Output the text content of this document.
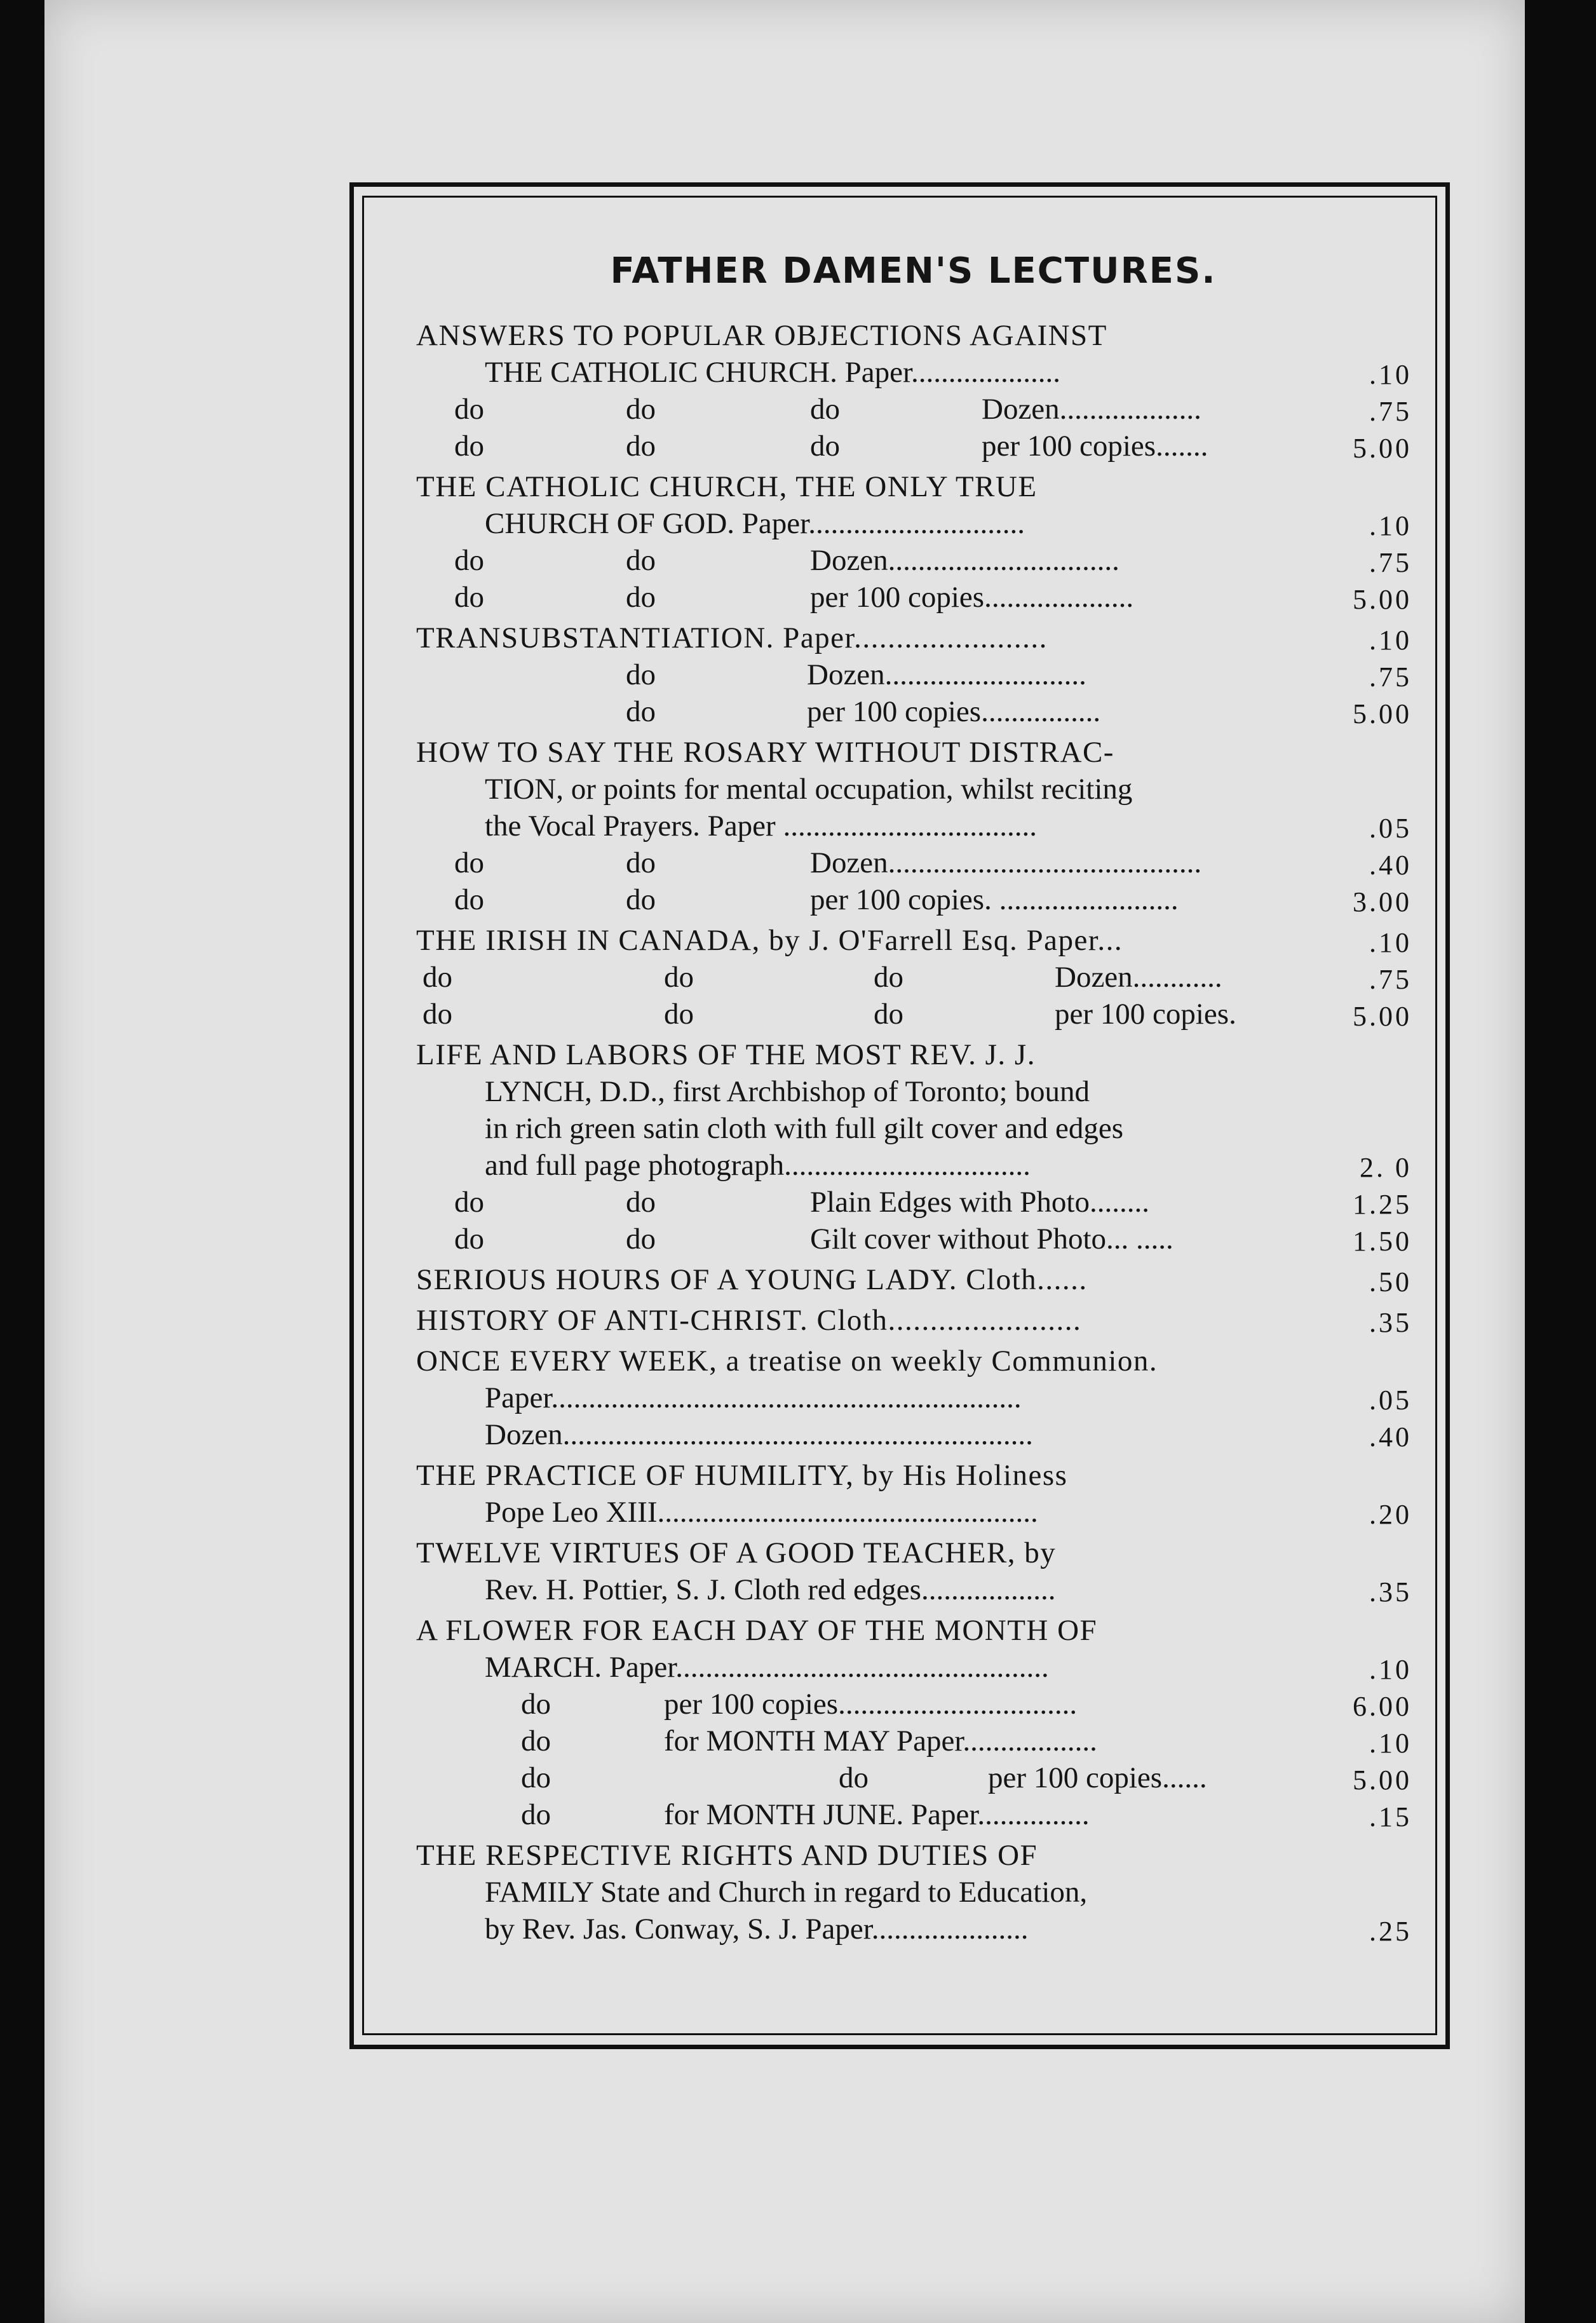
FATHER DAMEN'S LECTURES.
ANSWERS TO POPULAR OBJECTIONS AGAINST
THE CATHOLIC CHURCH. Paper....................	.10
do	do	do	Dozen...................	.75
do	do	do	per 100 copies.......	5.00
THE CATHOLIC CHURCH, THE ONLY TRUE
CHURCH OF GOD. Paper.............................	.10
do	do	Dozen...............................	.75
do	do	per 100 copies....................	5.00
TRANSUBSTANTIATION. Paper.......................	.10
do	Dozen...........................	.75
do	per 100 copies................	5.00
HOW TO SAY THE ROSARY WITHOUT DISTRAC-
TION, or points for mental occupation, whilst reciting
the Vocal Prayers. Paper ..................................	.05
do	do	Dozen..........................................	.40
do	do	per 100 copies. ........................	3.00
THE IRISH IN CANADA, by J. O'Farrell Esq. Paper...	.10
do	do	do	Dozen............	.75
do	do	do	per 100 copies.	5.00
LIFE AND LABORS OF THE MOST REV. J. J.
LYNCH, D.D., first Archbishop of Toronto; bound
in rich green satin cloth with full gilt cover and edges
and full page photograph.................................	2. 0
do	do	Plain Edges with Photo........	1.25
do	do	Gilt cover without Photo... .....	1.50
SERIOUS HOURS OF A YOUNG LADY. Cloth......	.50
HISTORY OF ANTI-CHRIST. Cloth.......................	.35
ONCE EVERY WEEK, a treatise on weekly Communion.
Paper...............................................................	.05
Dozen...............................................................	.40
THE PRACTICE OF HUMILITY, by His Holiness
Pope Leo XIII...................................................	.20
TWELVE VIRTUES OF A GOOD TEACHER, by
Rev. H. Pottier, S. J. Cloth red edges..................	.35
A FLOWER FOR EACH DAY OF THE MONTH OF
MARCH. Paper..................................................	.10
do	per 100 copies................................	6.00
do	for MONTH MAY Paper..................	.10
do	do	per 100 copies......	5.00
do	for MONTH JUNE. Paper...............	.15
THE RESPECTIVE RIGHTS AND DUTIES OF
FAMILY State and Church in regard to Education,
by Rev. Jas. Conway, S. J. Paper.....................	.25
